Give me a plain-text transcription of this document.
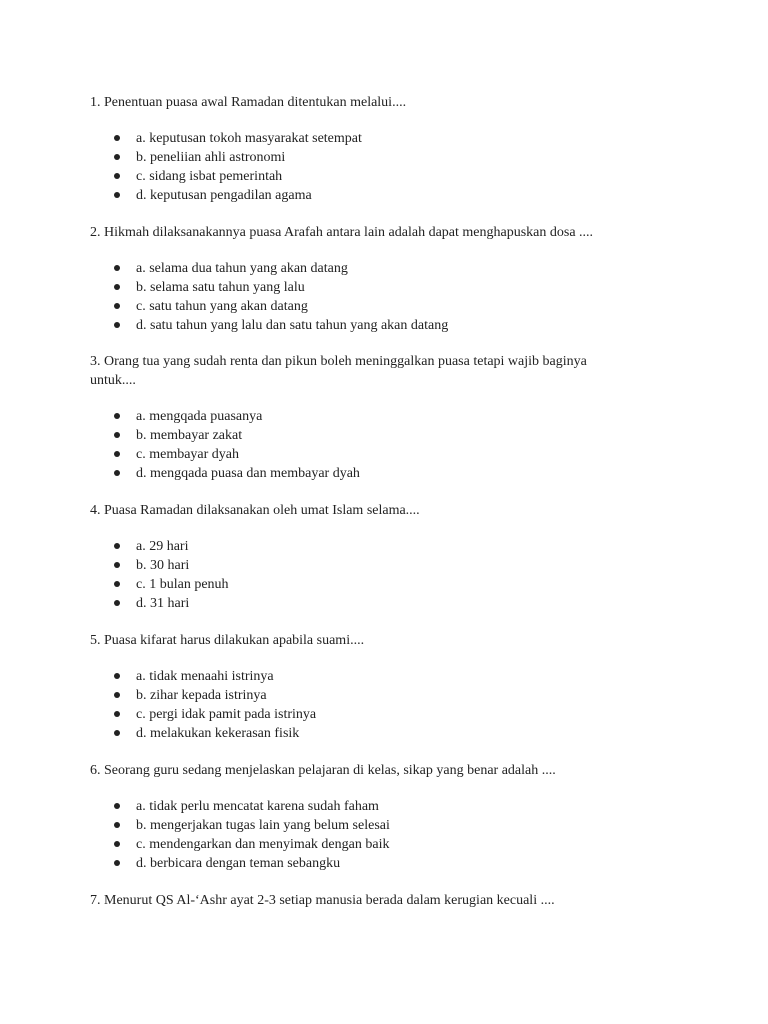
1. Penentuan puasa awal Ramadan ditentukan melalui....

a. keputusan tokoh masyarakat setempat
b. peneliian ahli astronomi
c. sidang isbat pemerintah
d. keputusan pengadilan agama

2. Hikmah dilaksanakannya puasa Arafah antara lain adalah dapat menghapuskan dosa ....

a. selama dua tahun yang akan datang
b. selama satu tahun yang lalu
c. satu tahun yang akan datang
d. satu tahun yang lalu dan satu tahun yang akan datang

3. Orang tua yang sudah renta dan pikun boleh meninggalkan puasa tetapi wajib baginya untuk....

a. mengqada puasanya
b. membayar zakat
c. membayar dyah
d. mengqada puasa dan membayar dyah

4. Puasa Ramadan dilaksanakan oleh umat Islam selama....

a. 29 hari
b. 30 hari
c. 1 bulan penuh
d. 31 hari

5. Puasa kifarat harus dilakukan apabila suami....

a. tidak menaahi istrinya
b. zihar kepada istrinya
c. pergi idak pamit pada istrinya
d. melakukan kekerasan fisik

6. Seorang guru sedang menjelaskan pelajaran di kelas, sikap yang benar adalah ....

a. tidak perlu mencatat karena sudah faham
b. mengerjakan tugas lain yang belum selesai
c. mendengarkan dan menyimak dengan baik
d. berbicara dengan teman sebangku

7. Menurut QS Al-‘Ashr ayat 2-3 setiap manusia berada dalam kerugian kecuali ....
